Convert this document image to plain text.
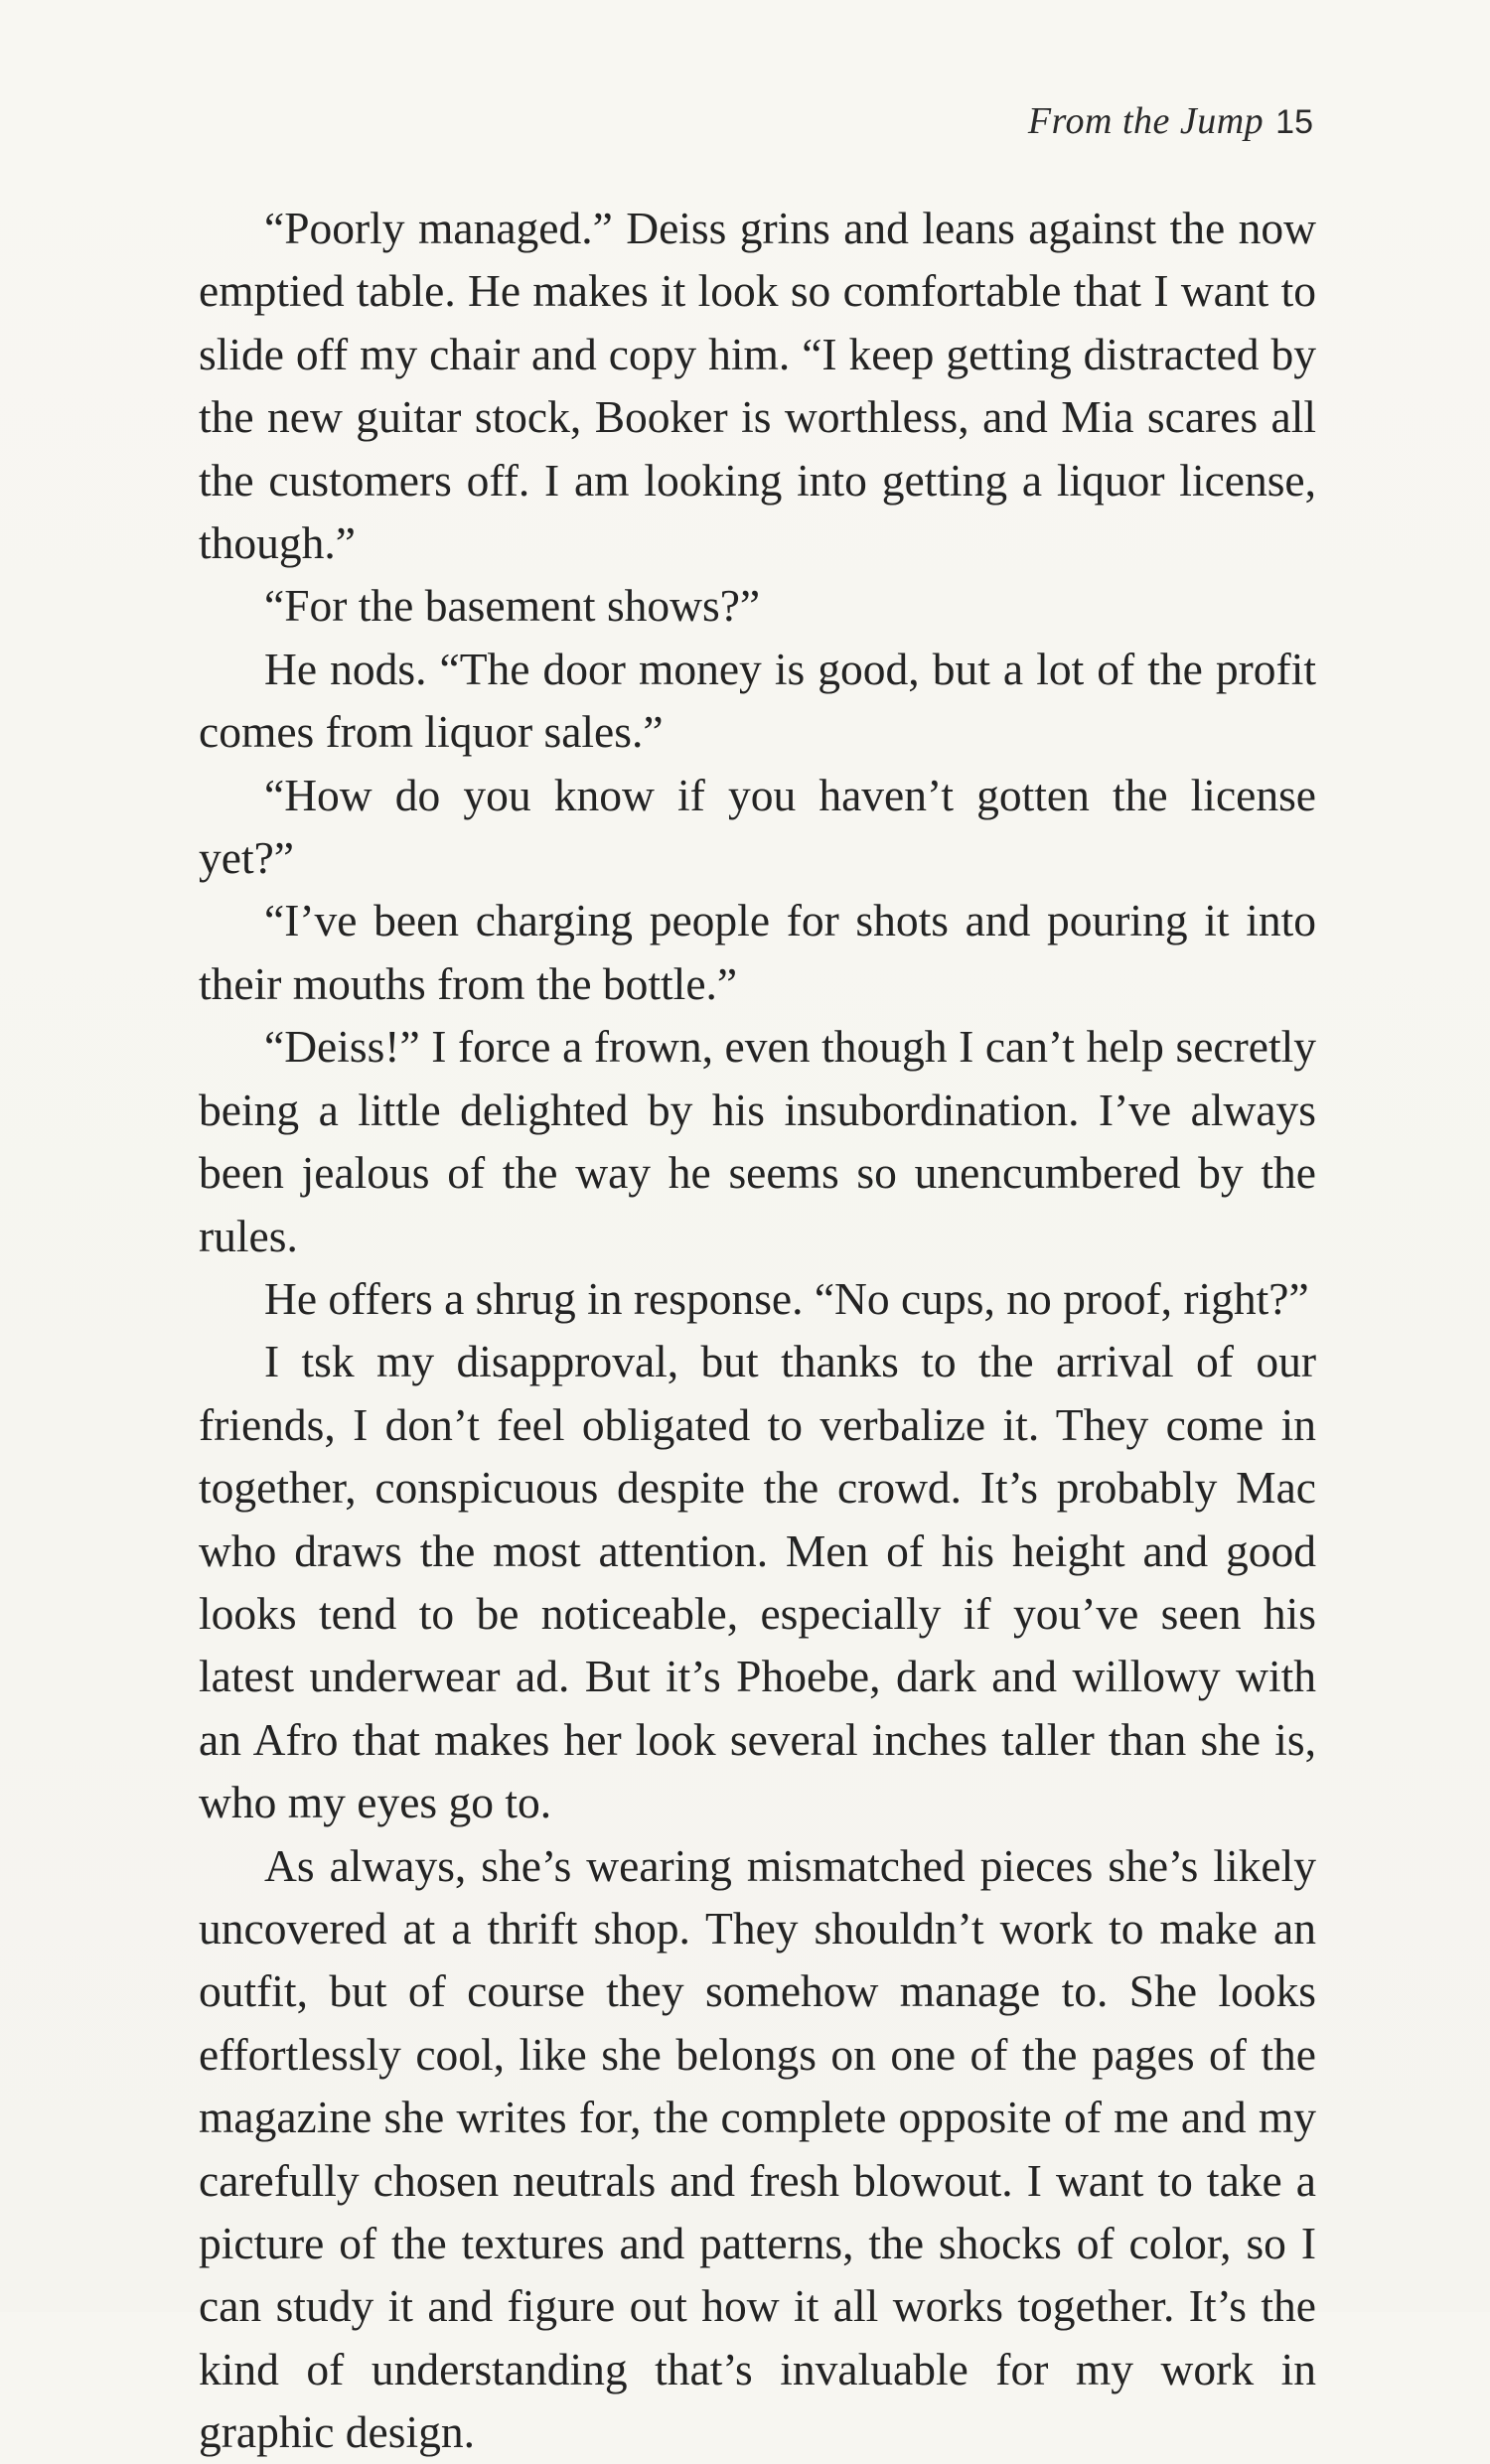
From the Jump 15

“Poorly managed.” Deiss grins and leans against the now emptied table. He makes it look so comfortable that I want to slide off my chair and copy him. “I keep getting distracted by the new guitar stock, Booker is worthless, and Mia scares all the customers off. I am looking into getting a liquor license, though.”

“For the basement shows?”

He nods. “The door money is good, but a lot of the profit comes from liquor sales.”

“How do you know if you haven’t gotten the license yet?”

“I’ve been charging people for shots and pouring it into their mouths from the bottle.”

“Deiss!” I force a frown, even though I can’t help secretly being a little delighted by his insubordination. I’ve always been jealous of the way he seems so unencumbered by the rules.

He offers a shrug in response. “No cups, no proof, right?”

I tsk my disapproval, but thanks to the arrival of our friends, I don’t feel obligated to verbalize it. They come in together, conspicuous despite the crowd. It’s probably Mac who draws the most attention. Men of his height and good looks tend to be noticeable, especially if you’ve seen his latest underwear ad. But it’s Phoebe, dark and willowy with an Afro that makes her look several inches taller than she is, who my eyes go to.

As always, she’s wearing mismatched pieces she’s likely uncovered at a thrift shop. They shouldn’t work to make an outfit, but of course they somehow manage to. She looks effortlessly cool, like she belongs on one of the pages of the magazine she writes for, the complete opposite of me and my carefully chosen neutrals and fresh blowout. I want to take a picture of the textures and patterns, the shocks of color, so I can study it and figure out how it all works together. It’s the kind of understanding that’s invaluable for my work in graphic design.
